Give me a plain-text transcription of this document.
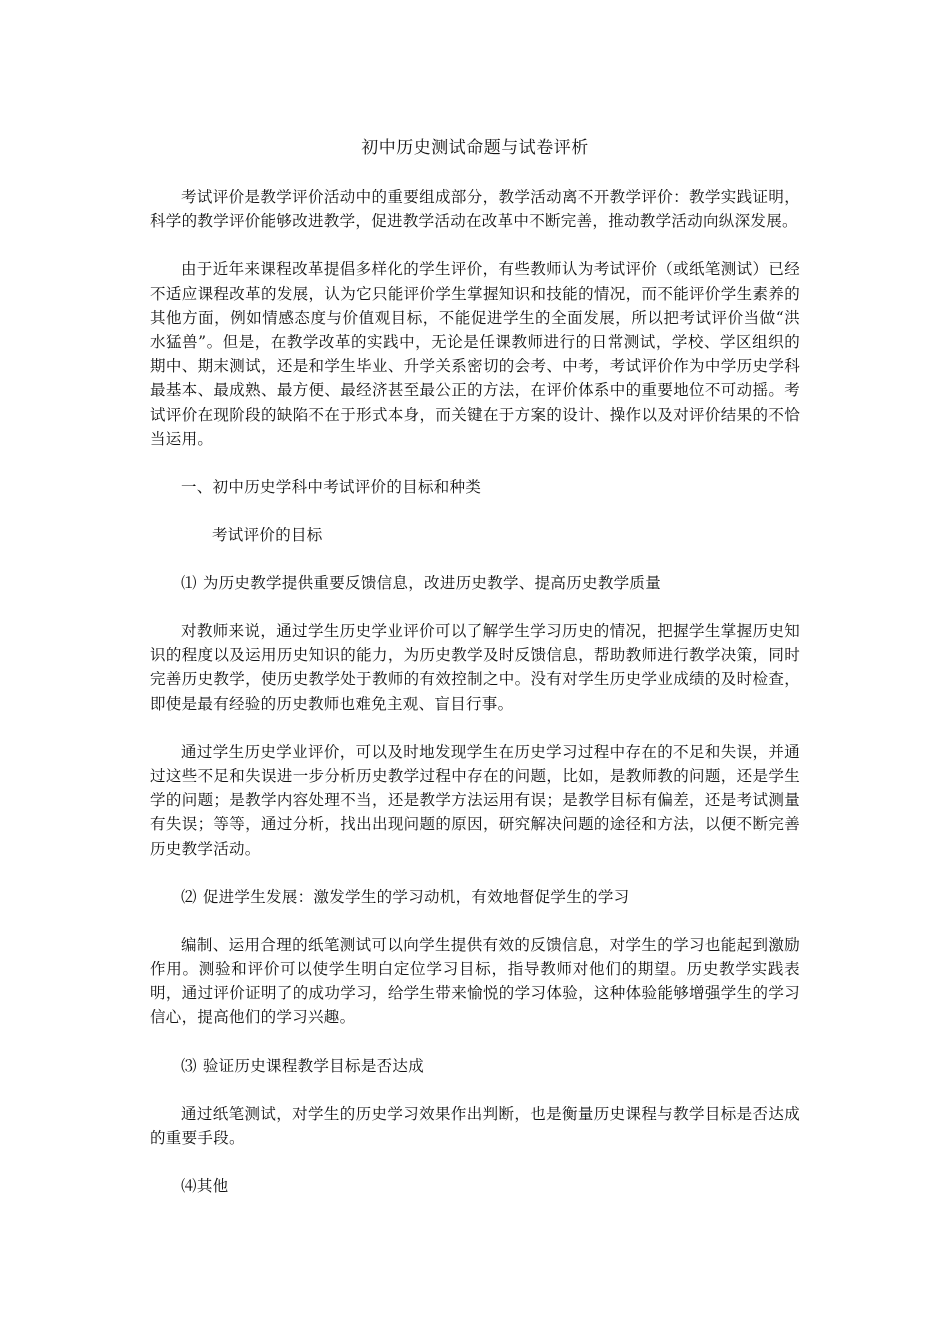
初中历史测试命题与试卷评析

考试评价是教学评价活动中的重要组成部分，教学活动离不开教学评价：教学实践证明，科学的教学评价能够改进教学，促进教学活动在改革中不断完善，推动教学活动向纵深发展。

由于近年来课程改革提倡多样化的学生评价，有些教师认为考试评价（或纸笔测试）已经不适应课程改革的发展，认为它只能评价学生掌握知识和技能的情况，而不能评价学生素养的其他方面，例如情感态度与价值观目标，不能促进学生的全面发展，所以把考试评价当做“洪水猛兽”。但是，在教学改革的实践中，无论是任课教师进行的日常测试，学校、学区组织的期中、期末测试，还是和学生毕业、升学关系密切的会考、中考，考试评价作为中学历史学科最基本、最成熟、最方便、最经济甚至最公正的方法，在评价体系中的重要地位不可动摇。考试评价在现阶段的缺陷不在于形式本身，而关键在于方案的设计、操作以及对评价结果的不恰当运用。

一、初中历史学科中考试评价的目标和种类
考试评价的目标
⑴ 为历史教学提供重要反馈信息，改进历史教学、提高历史教学质量

对教师来说，通过学生历史学业评价可以了解学生学习历史的情况，把握学生掌握历史知识的程度以及运用历史知识的能力，为历史教学及时反馈信息，帮助教师进行教学决策，同时完善历史教学，使历史教学处于教师的有效控制之中。没有对学生历史学业成绩的及时检查，即使是最有经验的历史教师也难免主观、盲目行事。

通过学生历史学业评价，可以及时地发现学生在历史学习过程中存在的不足和失误，并通过这些不足和失误进一步分析历史教学过程中存在的问题，比如，是教师教的问题，还是学生学的问题；是教学内容处理不当，还是教学方法运用有误；是教学目标有偏差，还是考试测量有失误；等等，通过分析，找出出现问题的原因，研究解决问题的途径和方法，以便不断完善历史教学活动。

⑵ 促进学生发展：激发学生的学习动机，有效地督促学生的学习

编制、运用合理的纸笔测试可以向学生提供有效的反馈信息，对学生的学习也能起到激励作用。测验和评价可以使学生明白定位学习目标，指导教师对他们的期望。历史教学实践表明，通过评价证明了的成功学习，给学生带来愉悦的学习体验，这种体验能够增强学生的学习信心，提高他们的学习兴趣。

⑶ 验证历史课程教学目标是否达成

通过纸笔测试，对学生的历史学习效果作出判断，也是衡量历史课程与教学目标是否达成的重要手段。

⑷其他
